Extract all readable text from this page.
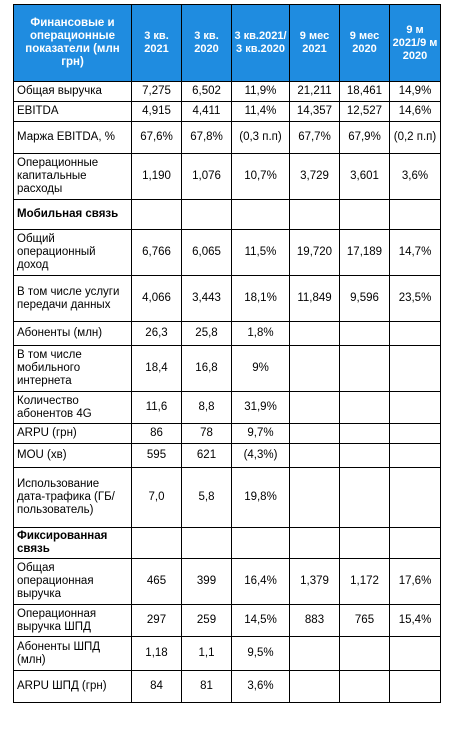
Финансовые и операционные показатели (млн грн)	3 кв. 2021	3 кв. 2020	3 кв.2021/ 3 кв.2020	9 мес 2021	9 мес 2020	9 м 2021/9 м 2020
Общая выручка	7,275	6,502	11,9%	21,211	18,461	14,9%
EBITDA	4,915	4,411	11,4%	14,357	12,527	14,6%
Маржа EBITDA, %	67,6%	67,8%	(0,3 п.п)	67,7%	67,9%	(0,2 п.п)
Операционные капитальные расходы	1,190	1,076	10,7%	3,729	3,601	3,6%
Мобильная связь						
Общий операционный доход	6,766	6,065	11,5%	19,720	17,189	14,7%
В том числе услуги передачи данных	4,066	3,443	18,1%	11,849	9,596	23,5%
Абоненты (млн)	26,3	25,8	1,8%			
В том числе мобильного интернета	18,4	16,8	9%			
Количество абонентов 4G	11,6	8,8	31,9%			
ARPU (грн)	86	78	9,7%			
MOU (хв)	595	621	(4,3%)			
Использование дата-трафика (ГБ/ пользователь)	7,0	5,8	19,8%			
Фиксированная связь						
Общая операционная выручка	465	399	16,4%	1,379	1,172	17,6%
Операционная выручка ШПД	297	259	14,5%	883	765	15,4%
Абоненты ШПД (млн)	1,18	1,1	9,5%			
ARPU ШПД (грн)	84	81	3,6%			
